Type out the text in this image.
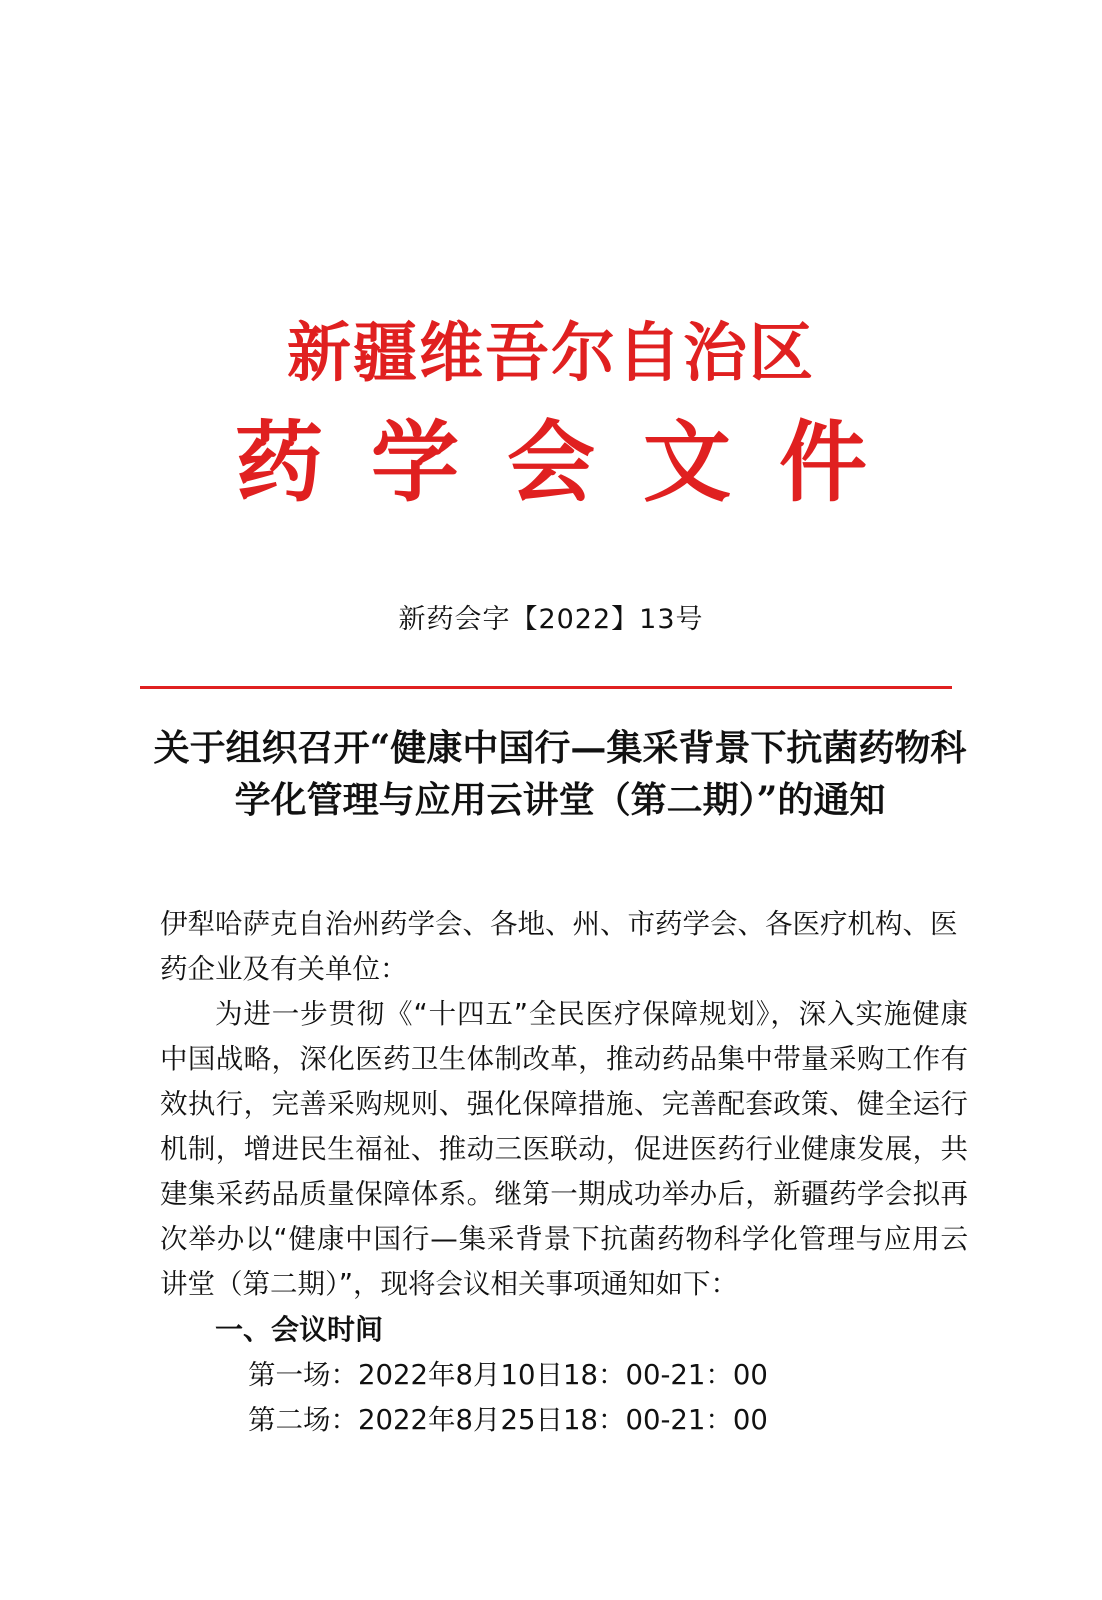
新疆维吾尔自治区
药学会文件
新药会字【2022】13号
关于组织召开“健康中国行—集采背景下抗菌药物科学化管理与应用云讲堂（第二期）”的通知

伊犁哈萨克自治州药学会、各地、州、市药学会、各医疗机构、医药企业及有关单位：

为进一步贯彻《“十四五”全民医疗保障规划》，深入实施健康中国战略，深化医药卫生体制改革，推动药品集中带量采购工作有效执行，完善采购规则、强化保障措施、完善配套政策、健全运行机制，增进民生福祉、推动三医联动，促进医药行业健康发展，共建集采药品质量保障体系。继第一期成功举办后，新疆药学会拟再次举办以“健康中国行—集采背景下抗菌药物科学化管理与应用云讲堂（第二期）”，现将会议相关事项通知如下：

一、会议时间

第一场：2022年8月10日18：00-21：00

第二场：2022年8月25日18：00-21：00
